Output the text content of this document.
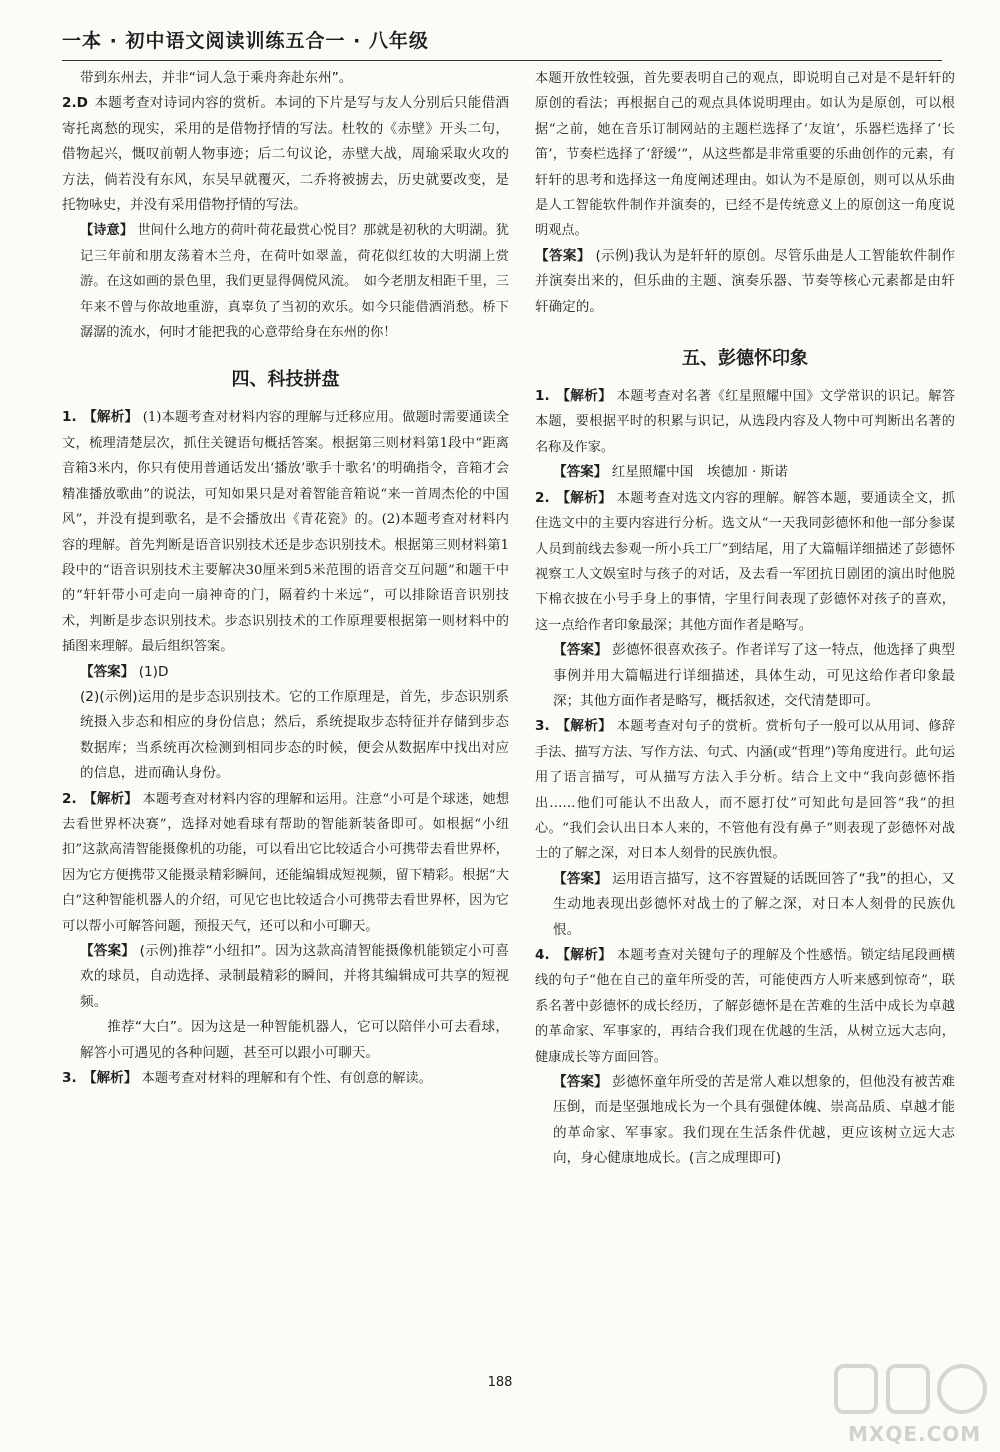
一本 · 初中语文阅读训练五合一 · 八年级

带到东州去，并非“词人急于乘舟奔赴东州”。

2.D 本题考查对诗词内容的赏析。本词的下片是写与友人分别后只能借酒寄托离愁的现实，采用的是借物抒情的写法。杜牧的《赤壁》开头二句，借物起兴，慨叹前朝人物事迹；后二句议论，赤壁大战，周瑜采取火攻的方法，倘若没有东风，东吴早就覆灭，二乔将被掳去，历史就要改变，是托物咏史，并没有采用借物抒情的写法。

【诗意】 世间什么地方的荷叶荷花最赏心悦目？那就是初秋的大明湖。犹记三年前和朋友荡着木兰舟，在荷叶如翠盖，荷花似红妆的大明湖上赏游。在这如画的景色里，我们更显得倜傥风流。　如今老朋友相距千里，三年来不曾与你故地重游，真辜负了当初的欢乐。如今只能借酒消愁。桥下潺潺的流水，何时才能把我的心意带给身在东州的你！

四、科技拼盘

1. 【解析】 (1)本题考查对材料内容的理解与迁移应用。做题时需要通读全文，梳理清楚层次，抓住关键语句概括答案。根据第三则材料第1段中“距离音箱3米内，你只有使用普通话发出‘播放’歌手十歌名’的明确指令，音箱才会精准播放歌曲”的说法，可知如果只是对着智能音箱说“来一首周杰伦的中国风”，并没有提到歌名，是不会播放出《青花瓷》的。(2)本题考查对材料内容的理解。首先判断是语音识别技术还是步态识别技术。根据第三则材料第1段中的“语音识别技术主要解决30厘米到5米范围的语音交互问题”和题干中的“轩轩带小可走向一扇神奇的门，隔着约十米远”，可以排除语音识别技术，判断是步态识别技术。步态识别技术的工作原理要根据第一则材料中的插图来理解。最后组织答案。

【答案】 (1)D

(2)(示例)运用的是步态识别技术。它的工作原理是，首先，步态识别系统摄入步态和相应的身份信息；然后，系统提取步态特征并存储到步态数据库；当系统再次检测到相同步态的时候，便会从数据库中找出对应的信息，进而确认身份。

2. 【解析】 本题考查对材料内容的理解和运用。注意“小可是个球迷，她想去看世界杯决赛”，选择对她看球有帮助的智能新装备即可。如根据“小纽扣”这款高清智能摄像机的功能，可以看出它比较适合小可携带去看世界杯，因为它方便携带又能摄录精彩瞬间，还能编辑成短视频，留下精彩。根据“大白”这种智能机器人的介绍，可见它也比较适合小可携带去看世界杯，因为它可以帮小可解答问题，预报天气，还可以和小可聊天。

【答案】 (示例)推荐“小纽扣”。因为这款高清智能摄像机能锁定小可喜欢的球员，自动选择、录制最精彩的瞬间，并将其编辑成可共享的短视频。

推荐“大白”。因为这是一种智能机器人，它可以陪伴小可去看球，解答小可遇见的各种问题，甚至可以跟小可聊天。

3. 【解析】 本题考查对材料的理解和有个性、有创意的解读。

本题开放性较强，首先要表明自己的观点，即说明自己对是不是轩轩的原创的看法；再根据自己的观点具体说明理由。如认为是原创，可以根据“之前，她在音乐订制网站的主题栏选择了‘友谊’，乐器栏选择了‘长笛’，节奏栏选择了‘舒缓’”，从这些都是非常重要的乐曲创作的元素，有轩轩的思考和选择这一角度阐述理由。如认为不是原创，则可以从乐曲是人工智能软件制作并演奏的，已经不是传统意义上的原创这一角度说明观点。

【答案】 (示例)我认为是轩轩的原创。尽管乐曲是人工智能软件制作并演奏出来的，但乐曲的主题、演奏乐器、节奏等核心元素都是由轩轩确定的。

五、彭德怀印象

1. 【解析】 本题考查对名著《红星照耀中国》文学常识的识记。解答本题，要根据平时的积累与识记，从选段内容及人物中可判断出名著的名称及作家。

【答案】 红星照耀中国　埃德加 · 斯诺

2. 【解析】 本题考查对选文内容的理解。解答本题，要通读全文，抓住选文中的主要内容进行分析。选文从“一天我同彭德怀和他一部分参谋人员到前线去参观一所小兵工厂”到结尾，用了大篇幅详细描述了彭德怀视察工人文娱室时与孩子的对话，及去看一军团抗日剧团的演出时他脱下棉衣披在小号手身上的事情，字里行间表现了彭德怀对孩子的喜欢，这一点给作者印象最深；其他方面作者是略写。

【答案】 彭德怀很喜欢孩子。作者详写了这一特点，他选择了典型事例并用大篇幅进行详细描述，具体生动，可见这给作者印象最深；其他方面作者是略写，概括叙述，交代清楚即可。

3. 【解析】 本题考查对句子的赏析。赏析句子一般可以从用词、修辞手法、描写方法、写作方法、句式、内涵(或“哲理”)等角度进行。此句运用了语言描写，可从描写方法入手分析。结合上文中“我向彭德怀指出……他们可能认不出敌人，而不愿打仗”可知此句是回答“我”的担心。“我们会认出日本人来的，不管他有没有鼻子”则表现了彭德怀对战士的了解之深，对日本人刻骨的民族仇恨。

【答案】 运用语言描写，这不容置疑的话既回答了“我”的担心，又生动地表现出彭德怀对战士的了解之深，对日本人刻骨的民族仇恨。

4. 【解析】 本题考查对关键句子的理解及个性感悟。锁定结尾段画横线的句子“他在自己的童年所受的苦，可能使西方人听来感到惊奇”，联系名著中彭德怀的成长经历，了解彭德怀是在苦难的生活中成长为卓越的革命家、军事家的，再结合我们现在优越的生活，从树立远大志向，健康成长等方面回答。

【答案】 彭德怀童年所受的苦是常人难以想象的，但他没有被苦难压倒，而是坚强地成长为一个具有强健体魄、崇高品质、卓越才能的革命家、军事家。我们现在生活条件优越，更应该树立远大志向，身心健康地成长。(言之成理即可)

188
MXQE.COM
